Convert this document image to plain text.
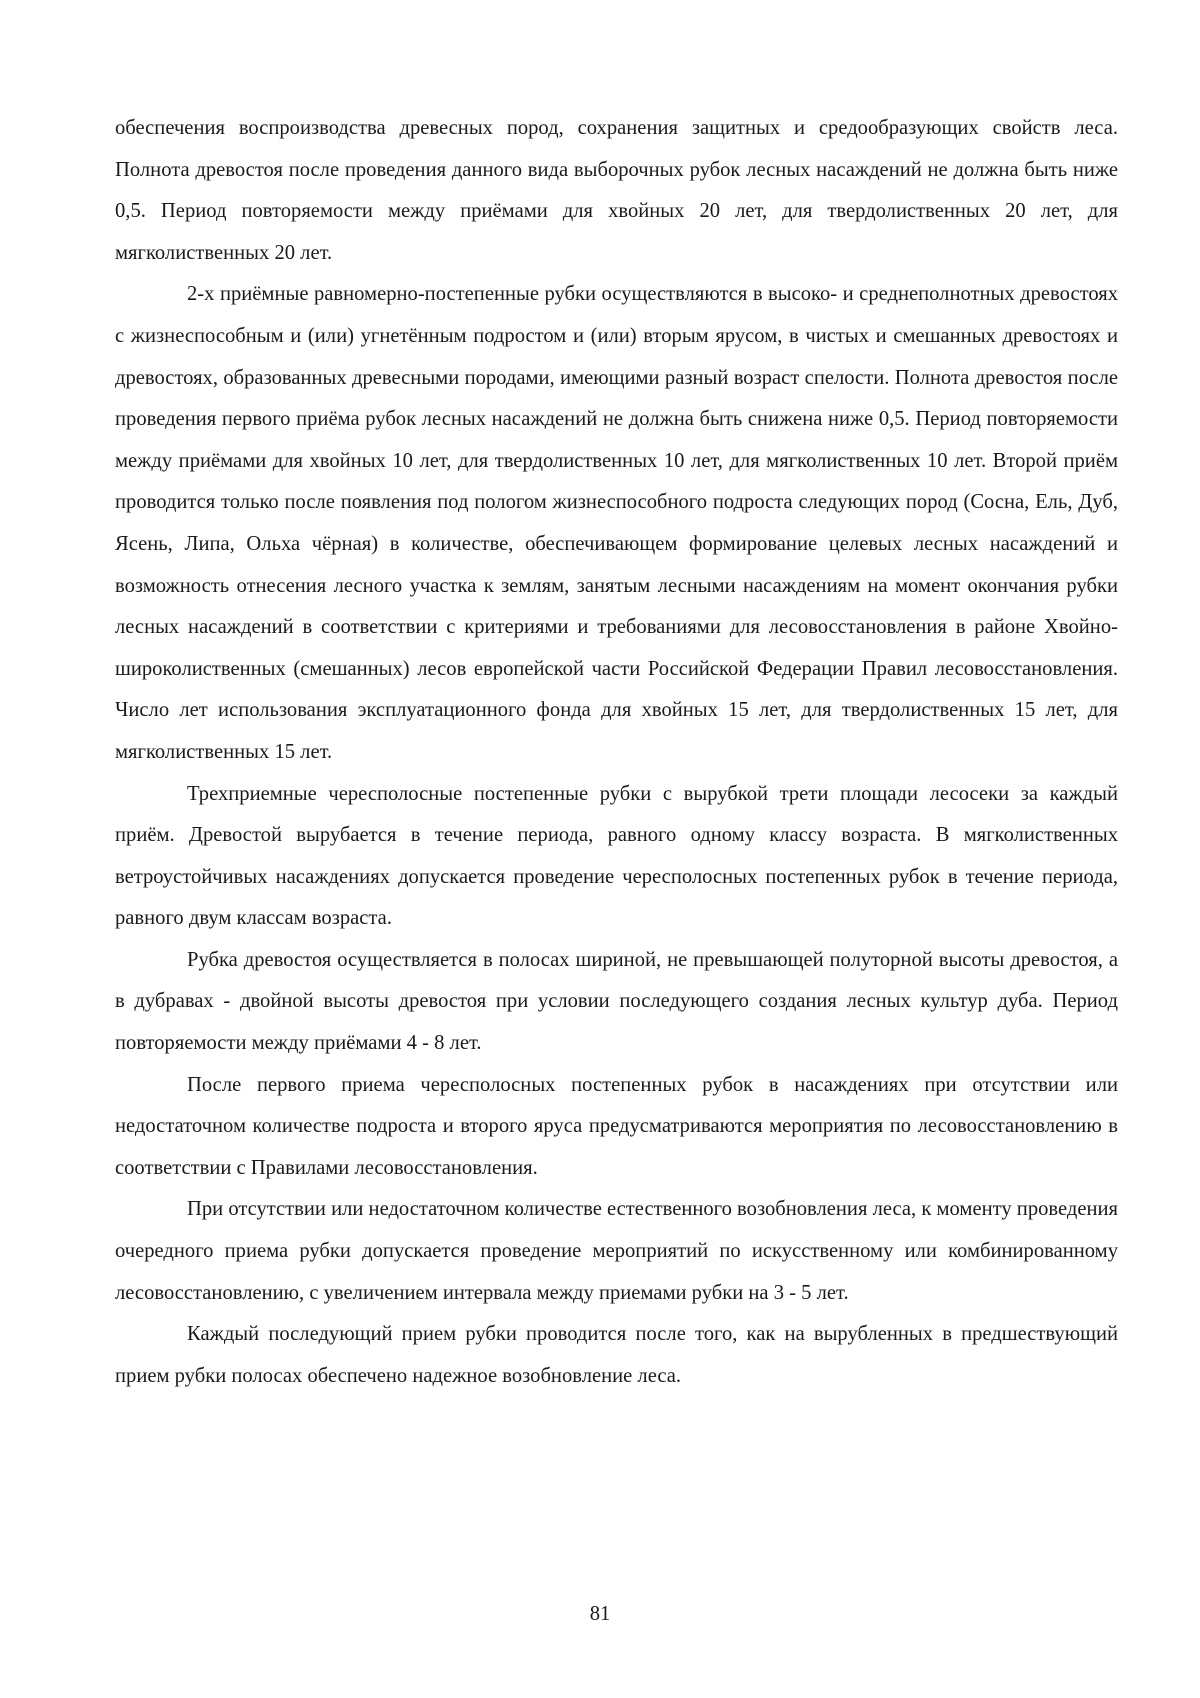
обеспечения воспроизводства древесных пород, сохранения защитных и средообразующих свойств леса. Полнота древостоя после проведения данного вида выборочных рубок лесных насаждений не должна быть ниже 0,5. Период повторяемости между приёмами для хвойных 20 лет, для твердолиственных 20 лет, для мягколиственных 20 лет.

2-х приёмные равномерно-постепенные рубки осуществляются в высоко- и среднеполнотных древостоях с жизнеспособным и (или) угнетённым подростом и (или) вторым ярусом, в чистых и смешанных древостоях и древостоях, образованных древесными породами, имеющими разный возраст спелости. Полнота древостоя после проведения первого приёма рубок лесных насаждений не должна быть снижена ниже 0,5. Период повторяемости между приёмами для хвойных 10 лет, для твердолиственных 10 лет, для мягколиственных 10 лет. Второй приём проводится только после появления под пологом жизнеспособного подроста следующих пород (Сосна, Ель, Дуб, Ясень, Липа, Ольха чёрная) в количестве, обеспечивающем формирование целевых лесных насаждений и возможность отнесения лесного участка к землям, занятым лесными насаждениям на момент окончания рубки лесных насаждений в соответствии с критериями и требованиями для лесовосстановления в районе Хвойно-широколиственных (смешанных) лесов европейской части Российской Федерации Правил лесовосстановления. Число лет использования эксплуатационного фонда для хвойных 15 лет, для твердолиственных 15 лет, для мягколиственных 15 лет.

Трехприемные чересполосные постепенные рубки с вырубкой трети площади лесосеки за каждый приём. Древостой вырубается в течение периода, равного одному классу возраста. В мягколиственных ветроустойчивых насаждениях допускается проведение чересполосных постепенных рубок в течение периода, равного двум классам возраста.

Рубка древостоя осуществляется в полосах шириной, не превышающей полуторной высоты древостоя, а в дубравах - двойной высоты древостоя при условии последующего создания лесных культур дуба. Период повторяемости между приёмами 4 - 8 лет.

После первого приема чересполосных постепенных рубок в насаждениях при отсутствии или недостаточном количестве подроста и второго яруса предусматриваются мероприятия по лесовосстановлению в соответствии с Правилами лесовосстановления.

При отсутствии или недостаточном количестве естественного возобновления леса, к моменту проведения очередного приема рубки допускается проведение мероприятий по искусственному или комбинированному лесовосстановлению, с увеличением интервала между приемами рубки на 3 - 5 лет.

Каждый последующий прием рубки проводится после того, как на вырубленных в предшествующий прием рубки полосах обеспечено надежное возобновление леса.

81
